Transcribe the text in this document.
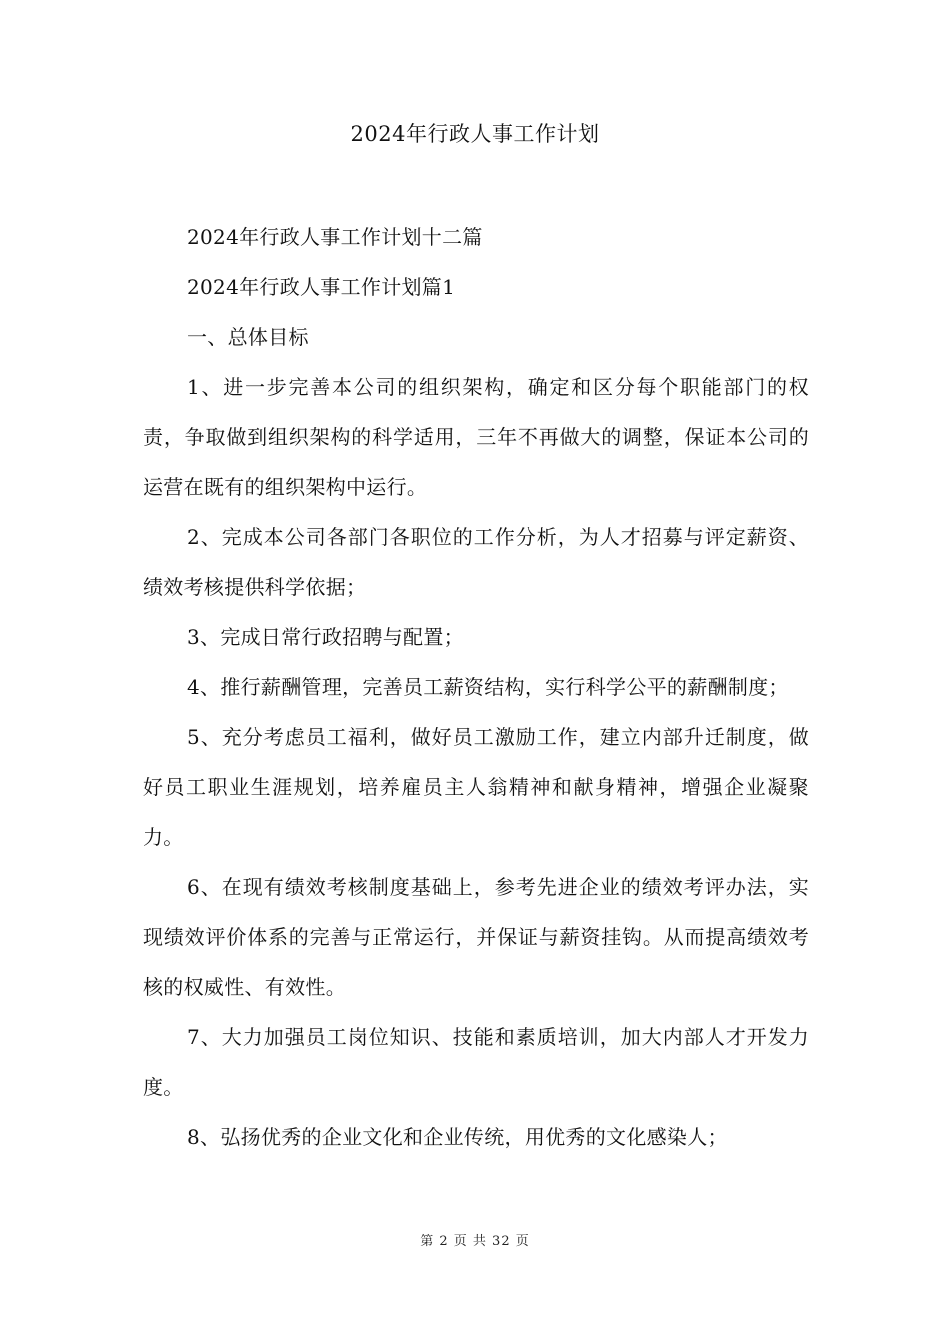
2024年行政人事工作计划
2024年行政人事工作计划十二篇
2024年行政人事工作计划篇1

一、总体目标

1、进一步完善本公司的组织架构，确定和区分每个职能部门的权责，争取做到组织架构的科学适用，三年不再做大的调整，保证本公司的运营在既有的组织架构中运行。

2、完成本公司各部门各职位的工作分析，为人才招募与评定薪资、绩效考核提供科学依据；

3、完成日常行政招聘与配置；

4、推行薪酬管理，完善员工薪资结构，实行科学公平的薪酬制度；

5、充分考虑员工福利，做好员工激励工作，建立内部升迁制度，做好员工职业生涯规划，培养雇员主人翁精神和献身精神，增强企业凝聚力。

6、在现有绩效考核制度基础上，参考先进企业的绩效考评办法，实现绩效评价体系的完善与正常运行，并保证与薪资挂钩。从而提高绩效考核的权威性、有效性。

7、大力加强员工岗位知识、技能和素质培训，加大内部人才开发力度。

8、弘扬优秀的企业文化和企业传统，用优秀的文化感染人；

第 2 页 共 32 页
